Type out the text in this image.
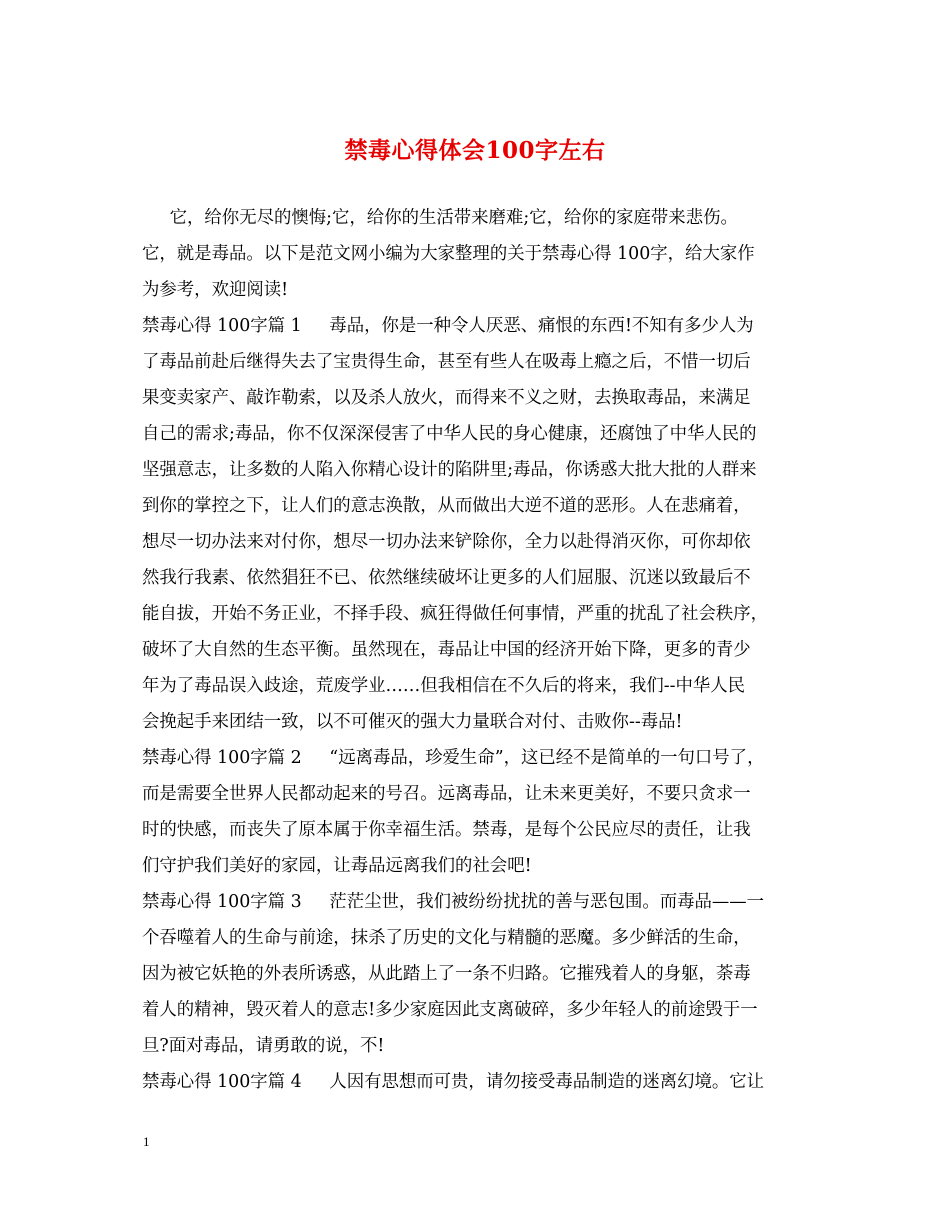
禁毒心得体会100字左右
它，给你无尽的懊悔;它，给你的生活带来磨难;它，给你的家庭带来悲伤。
它，就是毒品。以下是范文网小编为大家整理的关于禁毒心得 100字，给大家作
为参考，欢迎阅读!
禁毒心得 100字篇 1     毒品，你是一种令人厌恶、痛恨的东西!不知有多少人为
了毒品前赴后继得失去了宝贵得生命，甚至有些人在吸毒上瘾之后，不惜一切后
果变卖家产、敲诈勒索，以及杀人放火，而得来不义之财，去换取毒品，来满足
自己的需求;毒品，你不仅深深侵害了中华人民的身心健康，还腐蚀了中华人民的
坚强意志，让多数的人陷入你精心设计的陷阱里;毒品，你诱惑大批大批的人群来
到你的掌控之下，让人们的意志涣散，从而做出大逆不道的恶形。人在悲痛着，
想尽一切办法来对付你，想尽一切办法来铲除你，全力以赴得消灭你，可你却依
然我行我素、依然猖狂不已、依然继续破坏让更多的人们屈服、沉迷以致最后不
能自拔，开始不务正业，不择手段、疯狂得做任何事情，严重的扰乱了社会秩序，
破坏了大自然的生态平衡。虽然现在，毒品让中国的经济开始下降，更多的青少
年为了毒品误入歧途，荒废学业……但我相信在不久后的将来，我们--中华人民
会挽起手来团结一致，以不可催灭的强大力量联合对付、击败你--毒品!
禁毒心得 100字篇 2     “远离毒品，珍爱生命”，这已经不是简单的一句口号了，
而是需要全世界人民都动起来的号召。远离毒品，让未来更美好，不要只贪求一
时的快感，而丧失了原本属于你幸福生活。禁毒，是每个公民应尽的责任，让我
们守护我们美好的家园，让毒品远离我们的社会吧!
禁毒心得 100字篇 3     茫茫尘世，我们被纷纷扰扰的善与恶包围。而毒品——一
个吞噬着人的生命与前途，抹杀了历史的文化与精髓的恶魔。多少鲜活的生命，
因为被它妖艳的外表所诱惑，从此踏上了一条不归路。它摧残着人的身躯，荼毒
着人的精神，毁灭着人的意志!多少家庭因此支离破碎，多少年轻人的前途毁于一
旦?面对毒品，请勇敢的说，不!
禁毒心得 100字篇 4     人因有思想而可贵，请勿接受毒品制造的迷离幻境。它让
1
